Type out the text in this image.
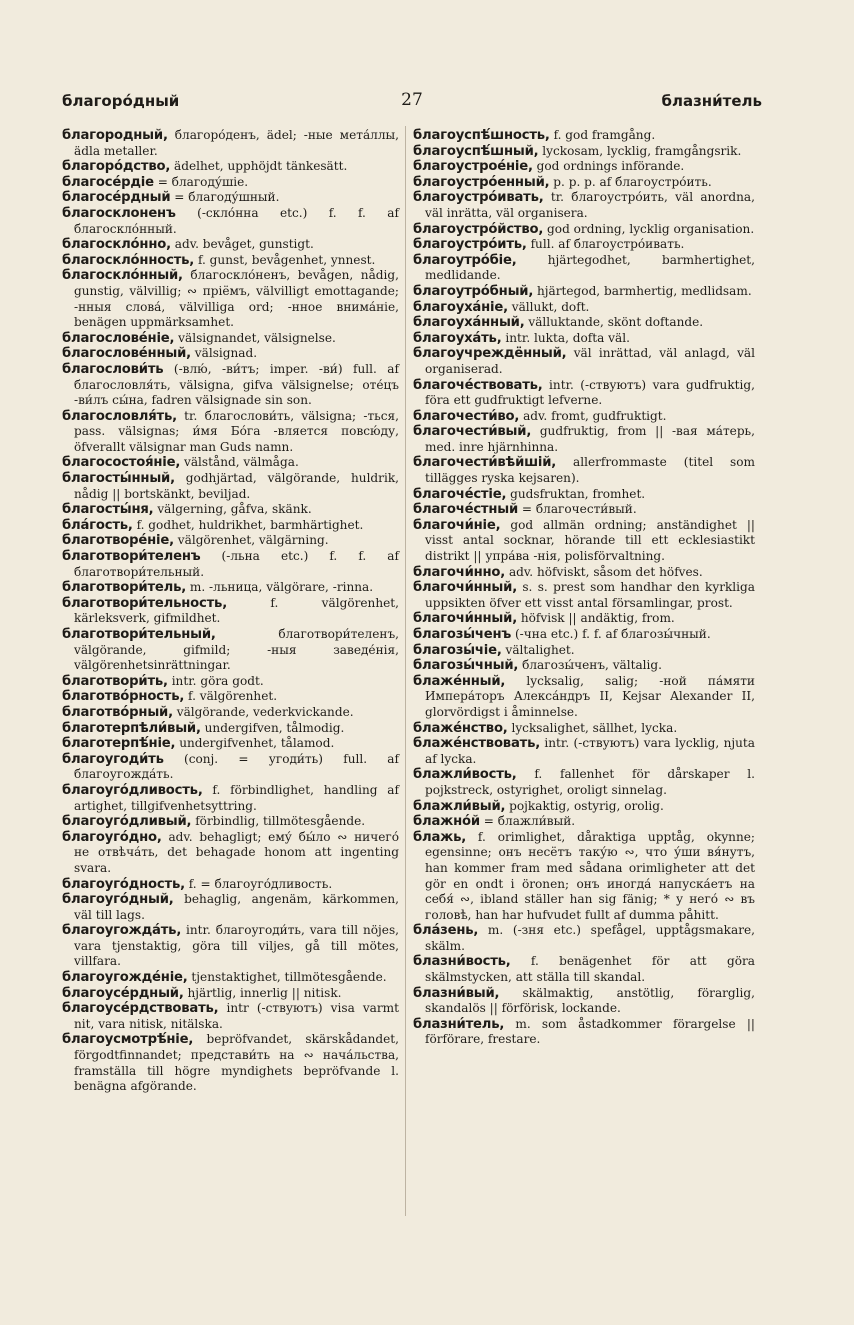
благоро́дный	27	блазни́тель

благородный, благоро́денъ, ädel; -ные мета́ллы, ädla metaller.

благоро́дство, ädelhet, upphöjdt tänkesätt.

благосе́рдіе = благоду́шіе.

благосе́рдный = благоду́шный.

благосклоненъ (-скло́нна etc.) f. f. af благоскло́нный.

благоскло́нно, adv. bevåget, gunstigt.

благоскло́нность, f. gunst, bevågenhet, ynnest.

благоскло́нный, благоскло́ненъ, bevågen, nådig, gunstig, välvillig; ∾ пріёмъ, välvilligt emottagande; -нныя слова́, välvilliga ord; -нное внима́ніе, benägen uppmärksamhet.

благослове́ніе, välsignandet, välsignelse.

благослове́нный, välsignad.

благослови́ть (-влю́, -ви́тъ; imper. -ви́) full. af благословля́ть, välsigna, gifva välsignelse; оте́цъ -ви́лъ сы́на, fadren välsignade sin son.

благословля́ть, tr. благослови́ть, välsigna; -ться, pass. välsignas; и́мя Бо́га -вляется повсю́ду, öfverallt välsignar man Guds namn.

благосостоя́ніе, välstånd, välmåga.

благосты́нный, godhjärtad, välgörande, huldrik, nådig || bortskänkt, beviljad.

благосты́ня, välgerning, gåfva, skänk.

бла́гость, f. godhet, huldrikhet, barmhärtighet.

благотворе́ніе, välgörenhet, välgärning.

благотвори́теленъ (-льна etc.) f. f. af благотвори́тельный.

благотвори́тель, m. -льница, välgörare, -rinna.

благотвори́тельность, f. välgörenhet, kärleksverk, gifmildhet.

благотвори́тельный, благотвори́теленъ, välgörande, gifmild; -ныя заведе́нія, välgörenhetsinrättningar.

благотвори́ть, intr. göra godt.

благотво́рность, f. välgörenhet.

благотво́рный, välgörande, vederkvickande.

благотерпѣли́вый, undergifven, tålmodig.

благотерпѣ́ніе, undergifvenhet, tålamod.

благоугоди́ть (conj. = угоди́ть) full. af благоугожда́ть.

благоуго́дливость, f. förbindlighet, handling af artighet, tillgifvenhetsyttring.

благоуго́дливый, förbindlig, tillmötesgående.

благоуго́дно, adv. behagligt; ему́ бы́ло ∾ ничего́ не отвѣча́ть, det behagade honom att ingenting svara.

благоуго́дность, f. = благоуго́дливость.

благоуго́дный, behaglig, angenäm, kärkommen, väl till lags.

благоугожда́ть, intr. благоугоди́ть, vara till nöjes, vara tjenstaktig, göra till viljes, gå till mötes, villfara.

благоугожде́ніе, tjenstaktighet, tillmötesgående.

благоусе́рдный, hjärtlig, innerlig || nitisk.

благоусе́рдствовать, intr (-ствуютъ) visa varmt nit, vara nitisk, nitälska.

благоусмотрѣ́ніе, bepröfvandet, skärskådandet, förgodtfinnandet; представи́ть на ∾ нача́льства, framställa till högre myndighets bepröfvande l. benägna afgörande.

благоуспѣ́шность, f. god framgång.

благоуспѣ́шный, lyckosam, lycklig, framgångsrik.

благоустрое́ніе, god ordnings införande.

благоустро́енный, p. p. p. af благоустро́ить.

благоустро́ивать, tr. благоустро́ить, väl anordna, väl inrätta, väl organisera.

благоустро́йство, god ordning, lycklig organisation.

благоустро́ить, full. af благоустро́ивать.

благоутро́біе, hjärtegodhet, barmhertighet, medlidande.

благоутро́бный, hjärtegod, barmhertig, medlidsam.

благоуха́ніе, vällukt, doft.

благоуха́нный, välluktande, skönt doftande.

благоуха́ть, intr. lukta, dofta väl.

благоучреждённый, väl inrättad, väl anlagd, väl organiserad.

благоче́ствовать, intr. (-ствуютъ) vara gudfruktig, föra ett gudfruktigt lefverne.

благочести́во, adv. fromt, gudfruktigt.

благочести́вый, gudfruktig, from || -вая ма́терь, med. inre hjärnhinna.

благочести́вѣйшій, allerfrommaste (titel som tillägges ryska kejsaren).

благоче́стіе, gudsfruktan, fromhet.

благоче́стный = благочести́вый.

благочи́ніе, god allmän ordning; anständighet || visst antal socknar, hörande till ett ecklesiastikt distrikt || упра́ва -нія, polisförvaltning.

благочи́нно, adv. höfviskt, såsom det höfves.

благочи́нный, s. s. prest som handhar den kyrkliga uppsikten öfver ett visst antal församlingar, prost.

благочи́нный, höfvisk || andäktig, from.

благозы́ченъ (-чна etc.) f. f. af благозы́чный.

благозы́чіе, vältalighet.

благозы́чный, благозы́ченъ, vältalig.

блаже́нный, lycksalig, salig; -ной па́мяти Импера́торъ Алекса́ндръ II, Kejsar Alexander II, glorvördigst i åminnelse.

блаже́нство, lycksalighet, sällhet, lycka.

блаже́нствовать, intr. (-ствуютъ) vara lycklig, njuta af lycka.

блажли́вость, f. fallenhet för dårskaper l. pojkstreck, ostyrighet, oroligt sinnelag.

блажли́вый, pojkaktig, ostyrig, orolig.

блажно́й = блажли́вый.

блажь, f. orimlighet, dåraktiga upptåg, okynne; egensinne; онъ несётъ таку́ю ∾, что у́ши вя́нутъ, han kommer fram med sådana orimligheter att det gör en ondt i öronen; онъ иногда́ напуска́етъ на себя́ ∾, ibland ställer han sig fänig; * у него́ ∾ въ головѣ, han har hufvudet fullt af dumma påhitt.

бла́зень, m. (-зня etc.) spefågel, upptågsmakare, skälm.

блазни́вость, f. benägenhet för att göra skälmstycken, att ställa till skandal.

блазни́вый, skälmaktig, anstötlig, förarglig, skandalös || förförisk, lockande.

блазни́тель, m. som åstadkommer förargelse || förförare, frestare.
